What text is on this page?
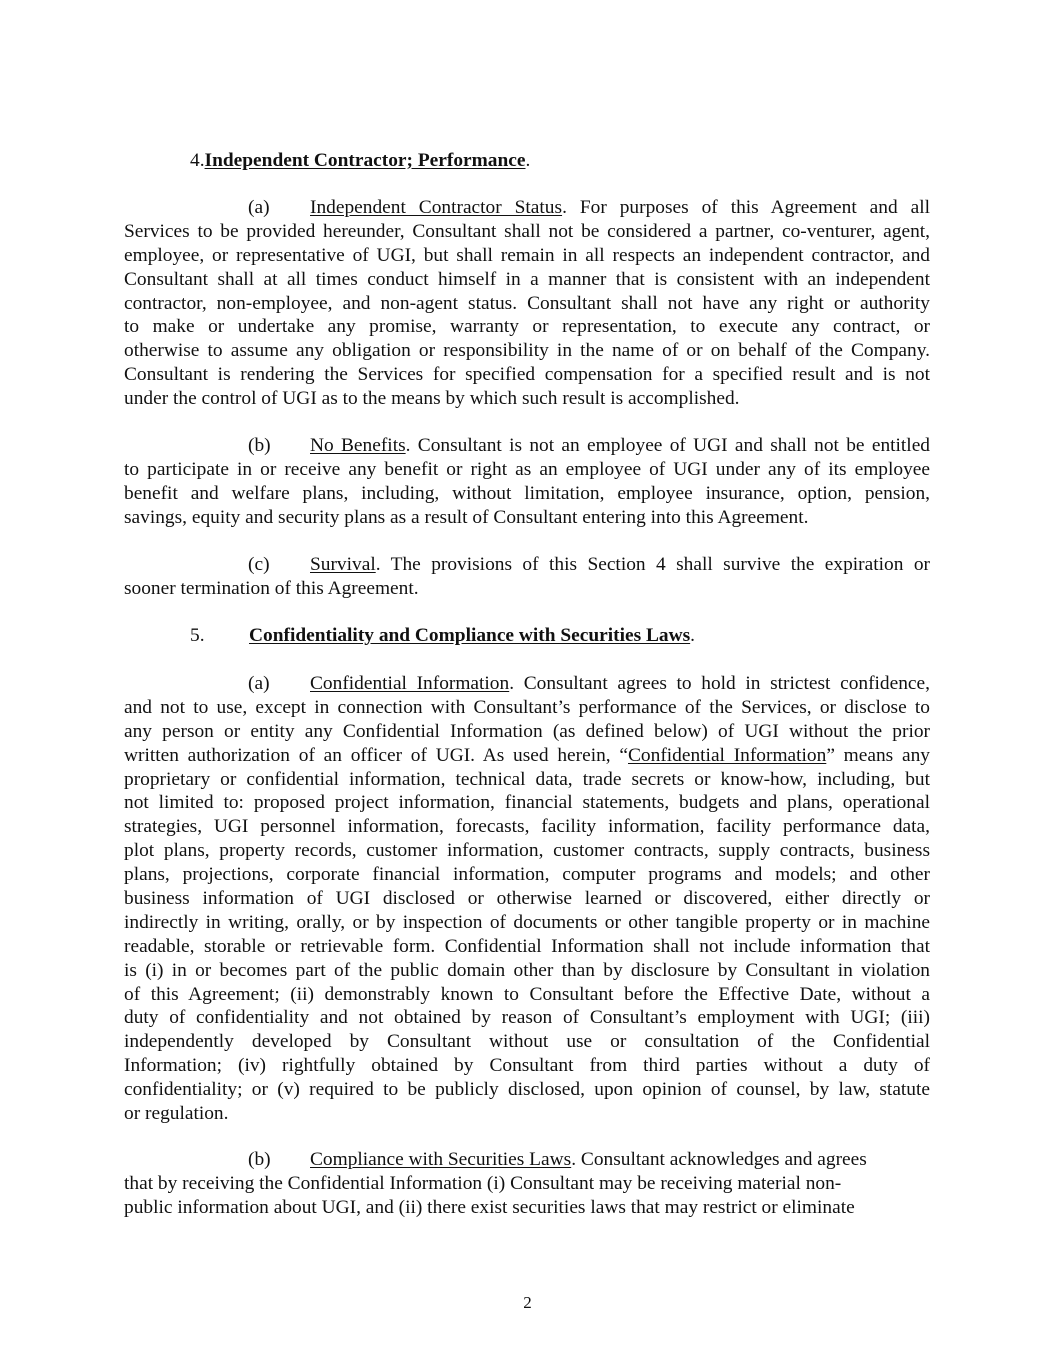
4.Independent Contractor; Performance.
(a) Independent Contractor Status. For purposes of this Agreement and all
Services to be provided hereunder, Consultant shall not be considered a partner, co-venturer, agent,
employee, or representative of UGI, but shall remain in all respects an independent contractor, and
Consultant shall at all times conduct himself in a manner that is consistent with an independent
contractor, non-employee, and non-agent status. Consultant shall not have any right or authority
to make or undertake any promise, warranty or representation, to execute any contract, or
otherwise to assume any obligation or responsibility in the name of or on behalf of the Company.
Consultant is rendering the Services for specified compensation for a specified result and is not
under the control of UGI as to the means by which such result is accomplished.
(b) No Benefits. Consultant is not an employee of UGI and shall not be entitled
to participate in or receive any benefit or right as an employee of UGI under any of its employee
benefit and welfare plans, including, without limitation, employee insurance, option, pension,
savings, equity and security plans as a result of Consultant entering into this Agreement.
(c) Survival. The provisions of this Section 4 shall survive the expiration or
sooner termination of this Agreement.
5. Confidentiality and Compliance with Securities Laws.
(a) Confidential Information. Consultant agrees to hold in strictest confidence,
and not to use, except in connection with Consultant’s performance of the Services, or disclose to
any person or entity any Confidential Information (as defined below) of UGI without the prior
written authorization of an officer of UGI. As used herein, “Confidential Information” means any
proprietary or confidential information, technical data, trade secrets or know-how, including, but
not limited to: proposed project information, financial statements, budgets and plans, operational
strategies, UGI personnel information, forecasts, facility information, facility performance data,
plot plans, property records, customer information, customer contracts, supply contracts, business
plans, projections, corporate financial information, computer programs and models; and other
business information of UGI disclosed or otherwise learned or discovered, either directly or
indirectly in writing, orally, or by inspection of documents or other tangible property or in machine
readable, storable or retrievable form. Confidential Information shall not include information that
is (i) in or becomes part of the public domain other than by disclosure by Consultant in violation
of this Agreement; (ii) demonstrably known to Consultant before the Effective Date, without a
duty of confidentiality and not obtained by reason of Consultant’s employment with UGI; (iii)
independently developed by Consultant without use or consultation of the Confidential
Information; (iv) rightfully obtained by Consultant from third parties without a duty of
confidentiality; or (v) required to be publicly disclosed, upon opinion of counsel, by law, statute
or regulation.
(b) Compliance with Securities Laws. Consultant acknowledges and agrees
that by receiving the Confidential Information (i) Consultant may be receiving material non-
public information about UGI, and (ii) there exist securities laws that may restrict or eliminate
2
